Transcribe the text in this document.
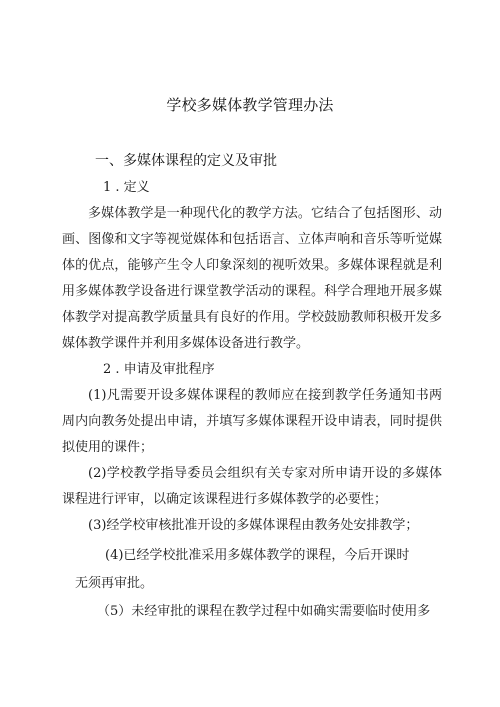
学校多媒体教学管理办法
一、多媒体课程的定义及审批
1 . 定义
多媒体教学是一种现代化的教学方法。它结合了包括图形、动画、图像和文字等视觉媒体和包括语言、立体声响和音乐等听觉媒体的优点，能够产生令人印象深刻的视听效果。多媒体课程就是利用多媒体教学设备进行课堂教学活动的课程。科学合理地开展多媒体教学对提高教学质量具有良好的作用。学校鼓励教师积极开发多媒体教学课件并利用多媒体设备进行教学。
2 . 申请及审批程序
(1)凡需要开设多媒体课程的教师应在接到教学任务通知书两周内向教务处提出申请，并填写多媒体课程开设申请表，同时提供拟使用的课件；
(2)学校教学指导委员会组织有关专家对所申请开设的多媒体课程进行评审，以确定该课程进行多媒体教学的必要性；
(3)经学校审核批准开设的多媒体课程由教务处安排教学；
(4)已经学校批准采用多媒体教学的课程，今后开课时
无须再审批。
（5）未经审批的课程在教学过程中如确实需要临时使用多
